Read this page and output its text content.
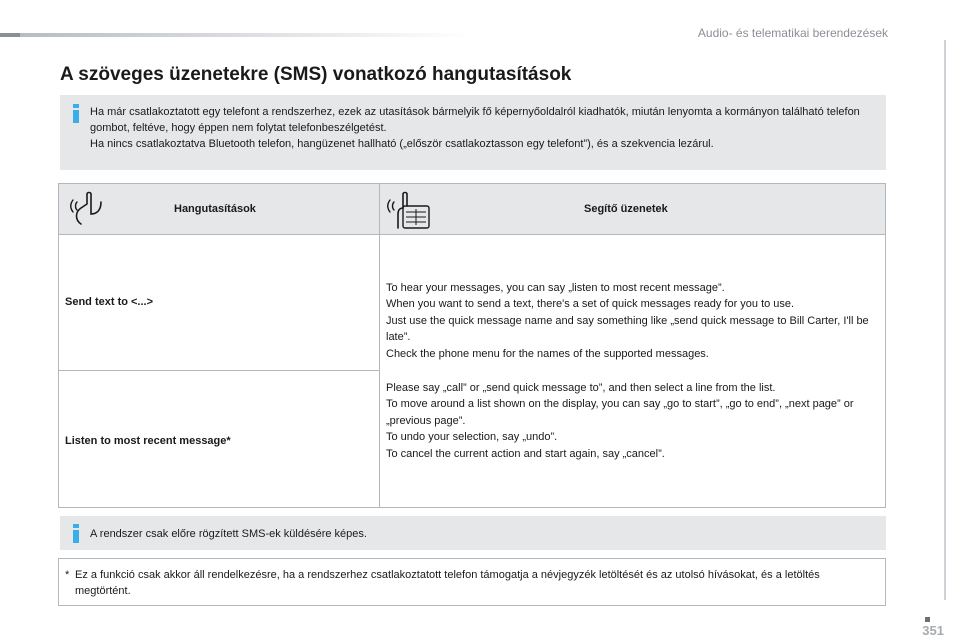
Audio- és telematikai berendezések
A szöveges üzenetekre (SMS) vonatkozó hangutasítások

Ha már csatlakoztatott egy telefont a rendszerhez, ezek az utasítások bármelyik fő képernyőoldalról kiadhatók, miután lenyomta a kormányon található telefon gombot, feltéve, hogy éppen nem folytat telefonbeszélgetést.

Ha nincs csatlakoztatva Bluetooth telefon, hangüzenet hallható („először csatlakoztasson egy telefont”), és a szekvencia lezárul.

Hangutasítások	Segítő üzenetek
Send text to <...>
Listen to most recent message*
To hear your messages, you can say „listen to most recent message”.
When you want to send a text, there's a set of quick messages ready for you to use.
Just use the quick message name and say something like „send quick message to Bill Carter, I'll be late”.
Check the phone menu for the names of the supported messages.
Please say „call” or „send quick message to”, and then select a line from the list.
To move around a list shown on the display, you can say „go to start”, „go to end”, „next page” or „previous page”.
To undo your selection, say „undo”.
To cancel the current action and start again, say „cancel”.
A rendszer csak előre rögzített SMS-ek küldésére képes.
* Ez a funkció csak akkor áll rendelkezésre, ha a rendszerhez csatlakoztatott telefon támogatja a névjegyzék letöltését és az utolsó hívásokat, és a letöltés megtörtént.
351
